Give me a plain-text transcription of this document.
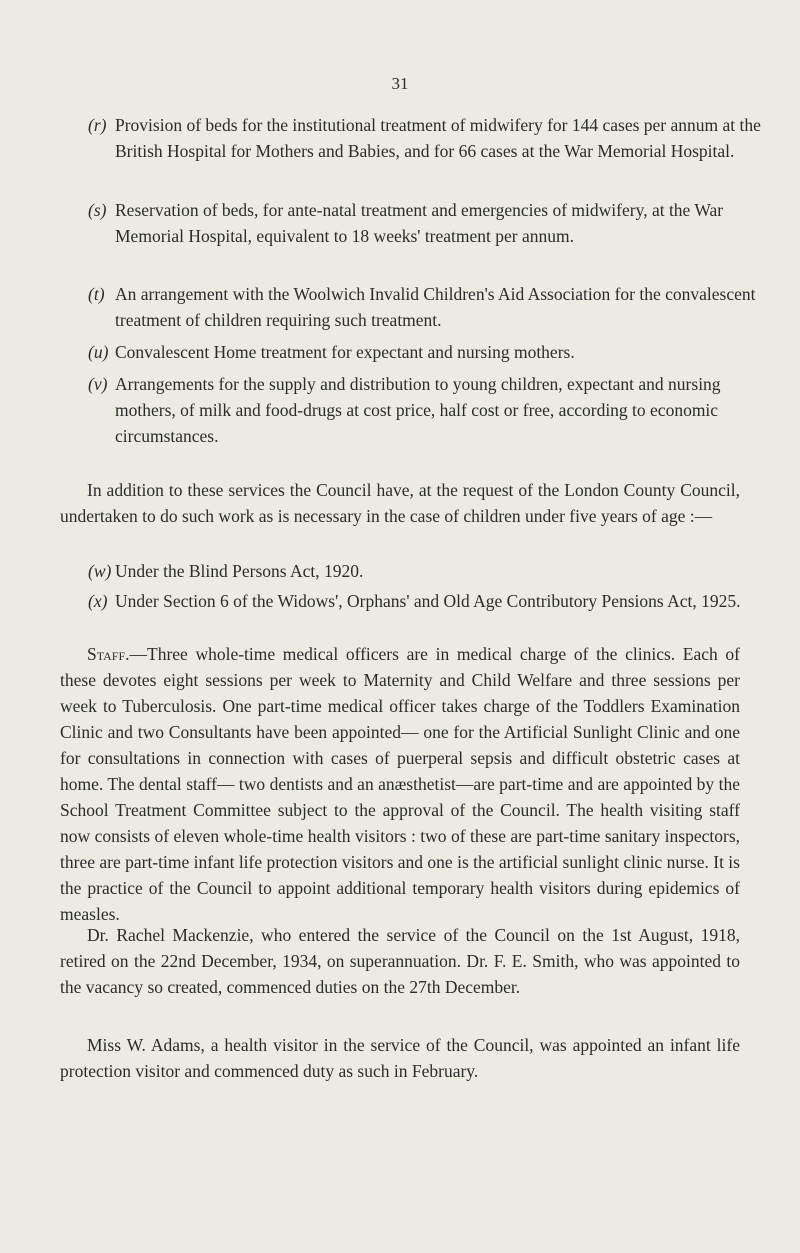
31
(r) Provision of beds for the institutional treatment of midwifery for 144 cases per annum at the British Hospital for Mothers and Babies, and for 66 cases at the War Memorial Hospital.
(s) Reservation of beds, for ante-natal treatment and emergencies of midwifery, at the War Memorial Hospital, equivalent to 18 weeks' treatment per annum.
(t) An arrangement with the Woolwich Invalid Children's Aid Association for the convalescent treatment of children requiring such treatment.
(u) Convalescent Home treatment for expectant and nursing mothers.
(v) Arrangements for the supply and distribution to young children, expectant and nursing mothers, of milk and food-drugs at cost price, half cost or free, according to economic circumstances.
In addition to these services the Council have, at the request of the London County Council, undertaken to do such work as is necessary in the case of children under five years of age :—
(w) Under the Blind Persons Act, 1920.
(x) Under Section 6 of the Widows', Orphans' and Old Age Contributory Pensions Act, 1925.
Staff.—Three whole-time medical officers are in medical charge of the clinics. Each of these devotes eight sessions per week to Maternity and Child Welfare and three sessions per week to Tuberculosis. One part-time medical officer takes charge of the Toddlers Examination Clinic and two Consultants have been appointed— one for the Artificial Sunlight Clinic and one for consultations in connection with cases of puerperal sepsis and difficult obstetric cases at home. The dental staff— two dentists and an anæsthetist—are part-time and are appointed by the School Treatment Committee subject to the approval of the Council. The health visiting staff now consists of eleven whole-time health visitors : two of these are part-time sanitary inspectors, three are part-time infant life protection visitors and one is the artificial sunlight clinic nurse. It is the practice of the Council to appoint additional temporary health visitors during epidemics of measles.
Dr. Rachel Mackenzie, who entered the service of the Council on the 1st August, 1918, retired on the 22nd December, 1934, on superannuation. Dr. F. E. Smith, who was appointed to the vacancy so created, commenced duties on the 27th December.
Miss W. Adams, a health visitor in the service of the Council, was appointed an infant life protection visitor and commenced duty as such in February.
